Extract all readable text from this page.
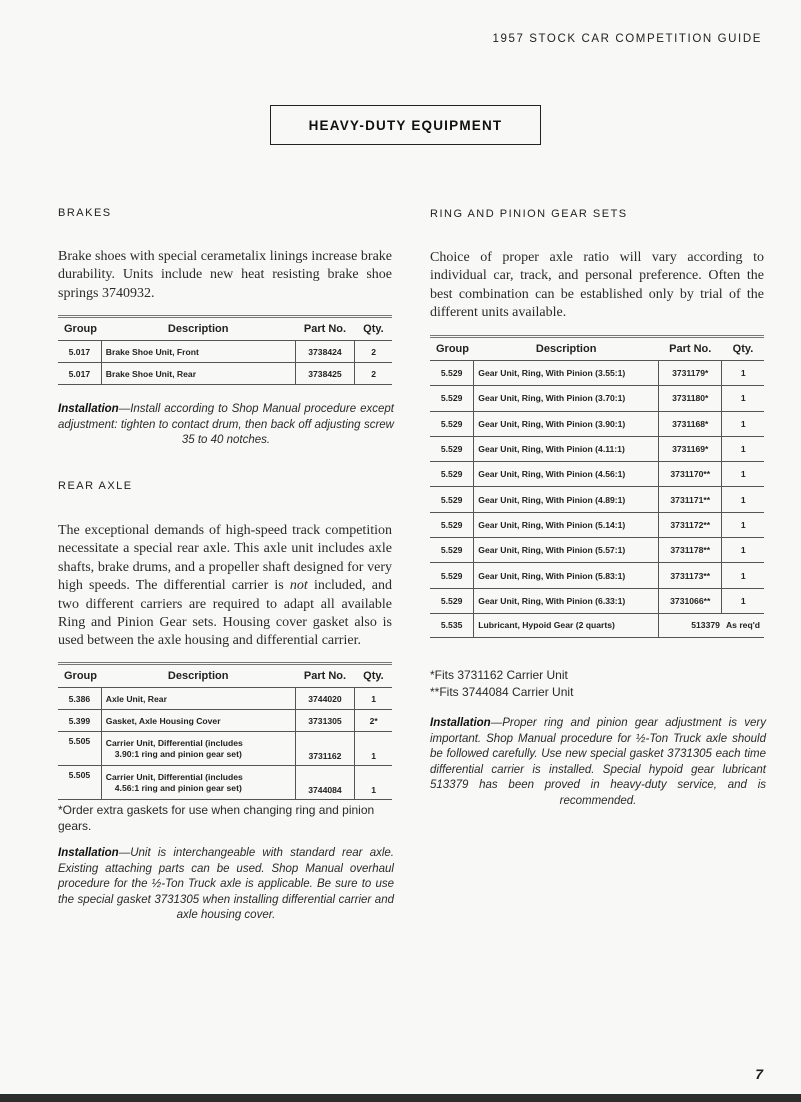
1957 STOCK CAR COMPETITION GUIDE
HEAVY-DUTY EQUIPMENT
BRAKES

Brake shoes with special cerametalix linings increase brake durability. Units include new heat resisting brake shoe springs 3740932.

Group	Description	Part No.	Qty.
5.017	Brake Shoe Unit, Front	3738424	2
5.017	Brake Shoe Unit, Rear	3738425	2

Installation—Install according to Shop Manual procedure except adjustment: tighten to contact drum, then back off adjusting screw 35 to 40 notches.

REAR AXLE

The exceptional demands of high-speed track competition necessitate a special rear axle. This axle unit includes axle shafts, brake drums, and a propeller shaft designed for very high speeds. The differential carrier is not included, and two different carriers are required to adapt all available Ring and Pinion Gear sets. Housing cover gasket also is used between the axle housing and differential carrier.

Group	Description	Part No.	Qty.
5.386	Axle Unit, Rear	3744020	1
5.399	Gasket, Axle Housing Cover	3731305	2*
5.505	Carrier Unit, Differential (includes
3.90:1 ring and pinion gear set)	3731162	1
5.505	Carrier Unit, Differential (includes
4.56:1 ring and pinion gear set)	3744084	1

*Order extra gaskets for use when changing ring and pinion gears.

Installation—Unit is interchangeable with standard rear axle. Existing attaching parts can be used. Shop Manual overhaul procedure for the ½-Ton Truck axle is applicable. Be sure to use the special gasket 3731305 when installing differential carrier and axle housing cover.

RING AND PINION GEAR SETS

Choice of proper axle ratio will vary according to individual car, track, and personal preference. Often the best combination can be established only by trial of the different units available.

Group	Description	Part No.	Qty.
5.529	Gear Unit, Ring, With Pinion (3.55:1)	3731179*	1
5.529	Gear Unit, Ring, With Pinion (3.70:1)	3731180*	1
5.529	Gear Unit, Ring, With Pinion (3.90:1)	3731168*	1
5.529	Gear Unit, Ring, With Pinion (4.11:1)	3731169*	1
5.529	Gear Unit, Ring, With Pinion (4.56:1)	3731170**	1
5.529	Gear Unit, Ring, With Pinion (4.89:1)	3731171**	1
5.529	Gear Unit, Ring, With Pinion (5.14:1)	3731172**	1
5.529	Gear Unit, Ring, With Pinion (5.57:1)	3731178**	1
5.529	Gear Unit, Ring, With Pinion (5.83:1)	3731173**	1
5.529	Gear Unit, Ring, With Pinion (6.33:1)	3731066**	1
5.535	Lubricant, Hypoid Gear (2 quarts)	513379	As req'd

*Fits 3731162 Carrier Unit

**Fits 3744084 Carrier Unit

Installation—Proper ring and pinion gear adjustment is very important. Shop Manual procedure for ½-Ton Truck axle should be followed carefully. Use new special gasket 3731305 each time differential carrier is installed. Special hypoid gear lubricant 513379 has been proved in heavy-duty service, and is recommended.

7
